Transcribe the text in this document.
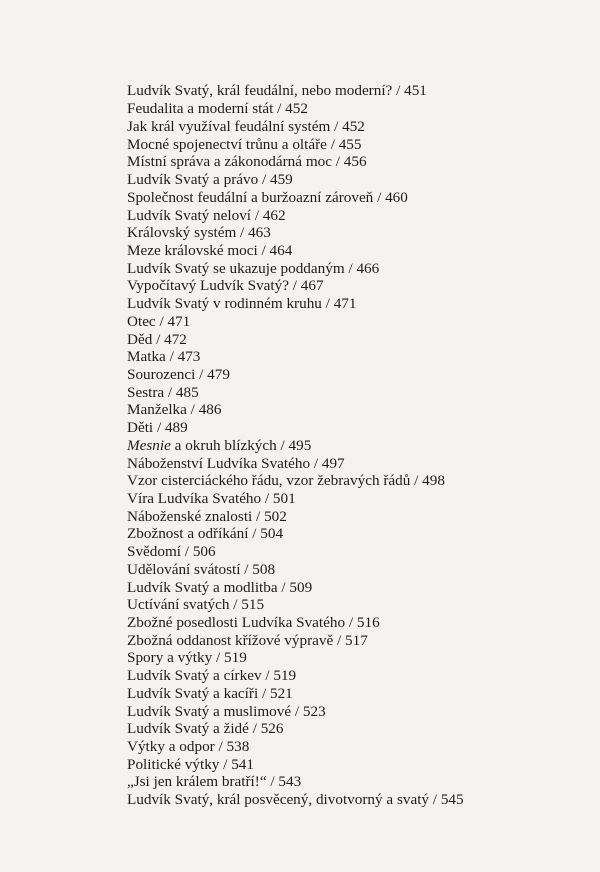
Ludvík Svatý, král feudální, nebo moderní? / 451
Feudalita a moderní stát / 452
Jak král využíval feudální systém / 452
Mocné spojenectví trůnu a oltáře / 455
Místní správa a zákonodárná moc / 456
Ludvík Svatý a právo / 459
Společnost feudální a buržoazní zároveň / 460
Ludvík Svatý neloví / 462
Královský systém / 463
Meze královské moci / 464
Ludvík Svatý se ukazuje poddaným / 466
Vypočítavý Ludvík Svatý? / 467
Ludvík Svatý v rodinném kruhu / 471
Otec / 471
Děd / 472
Matka / 473
Sourozenci / 479
Sestra / 485
Manželka / 486
Děti / 489
Mesnie a okruh blízkých / 495
Náboženství Ludvíka Svatého / 497
Vzor cisterciáckého řádu, vzor žebravých řádů / 498
Víra Ludvíka Svatého / 501
Náboženské znalosti / 502
Zbožnost a odříkání / 504
Svědomí / 506
Udělování svátostí / 508
Ludvík Svatý a modlitba / 509
Uctívání svatých / 515
Zbožné posedlosti Ludvíka Svatého / 516
Zbožná oddanost křížové výpravě / 517
Spory a výtky / 519
Ludvík Svatý a církev / 519
Ludvík Svatý a kacíři / 521
Ludvík Svatý a muslimové / 523
Ludvík Svatý a židé / 526
Výtky a odpor / 538
Politické výtky / 541
„Jsi jen králem bratří!“ / 543
Ludvík Svatý, král posvěcený, divotvorný a svatý / 545
